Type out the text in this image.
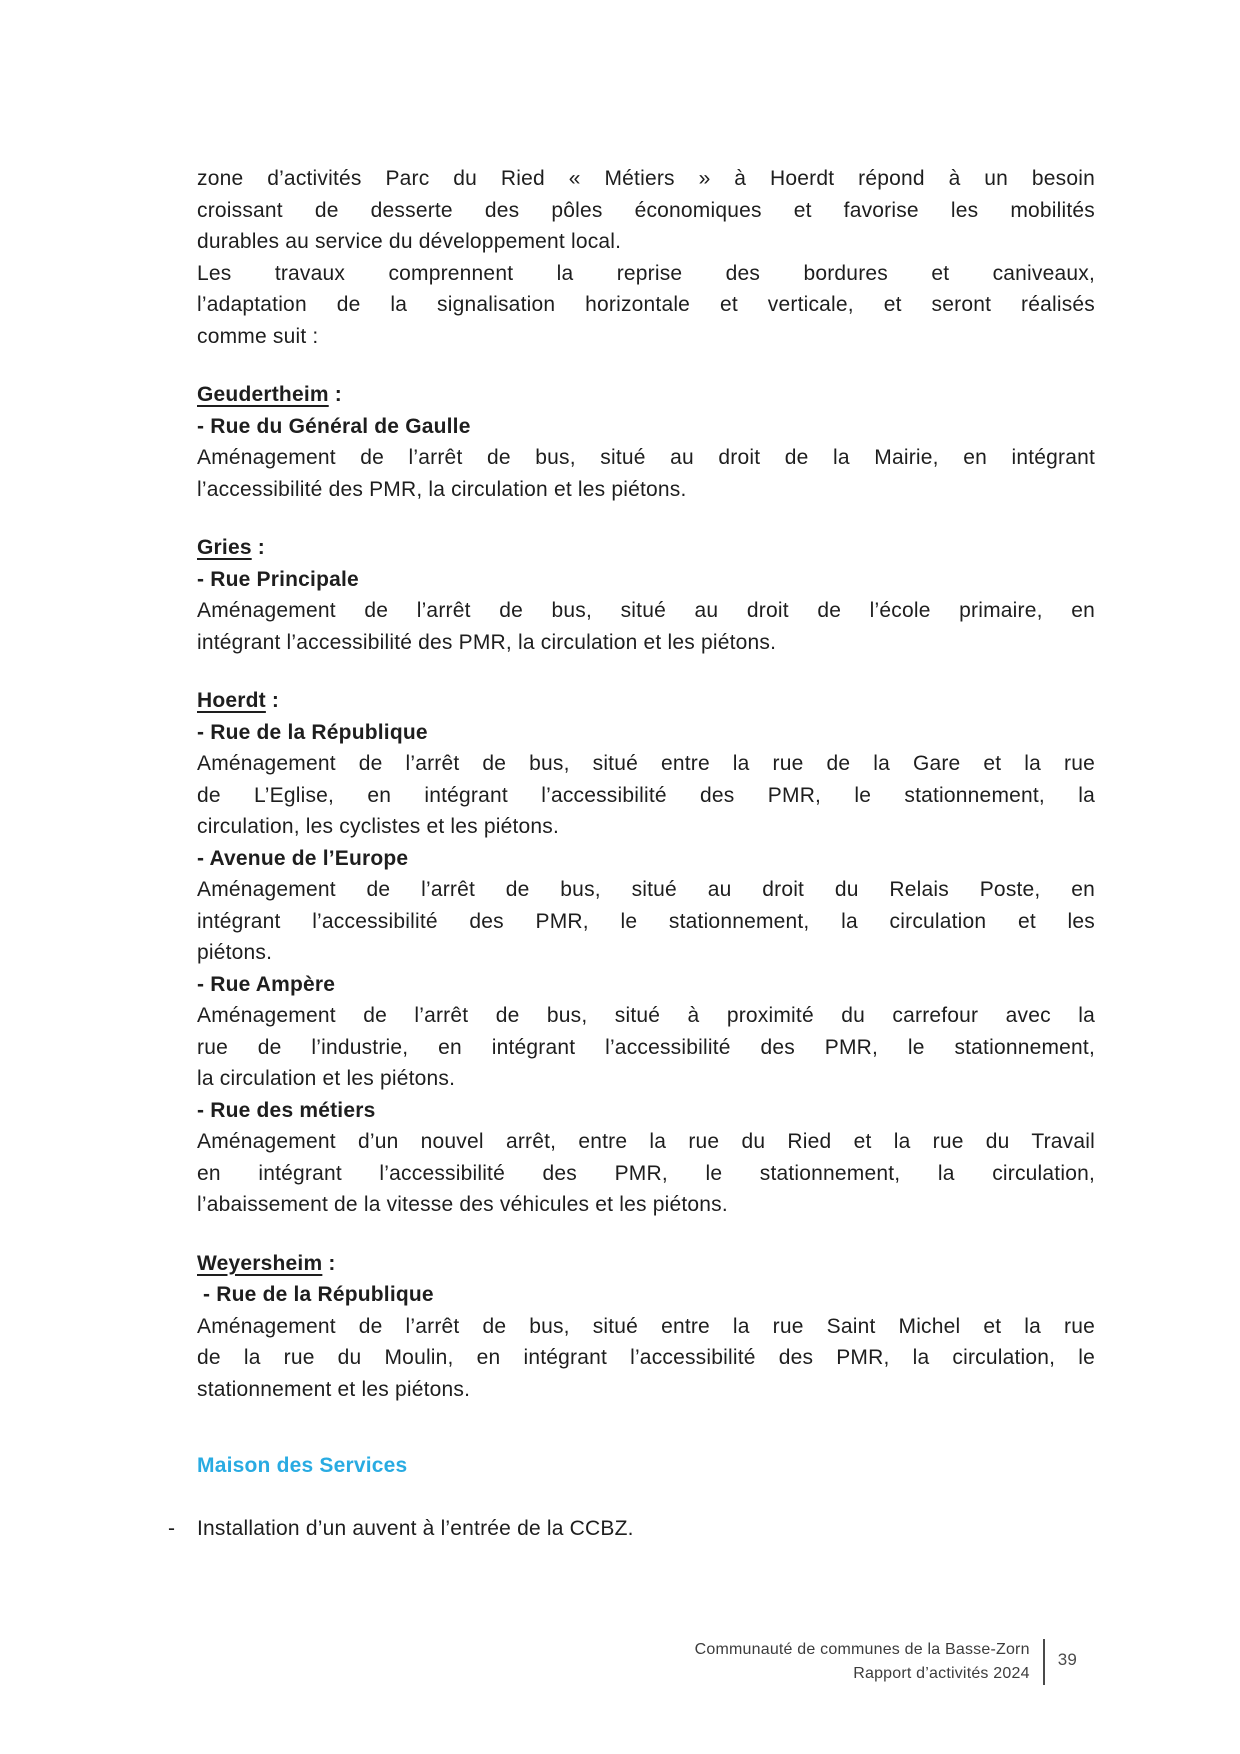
zone d’activités Parc du Ried « Métiers » à Hoerdt répond à un besoin
croissant de desserte des pôles économiques et favorise les mobilités
durables au service du développement local.
Les travaux comprennent la reprise des bordures et caniveaux,
l’adaptation de la signalisation horizontale et verticale, et seront réalisés
comme suit :
Geudertheim :
- Rue du Général de Gaulle
Aménagement de l’arrêt de bus, situé au droit de la Mairie, en intégrant
l’accessibilité des PMR, la circulation et les piétons.
Gries :
- Rue Principale
Aménagement de l’arrêt de bus, situé au droit de l’école primaire, en
intégrant l’accessibilité des PMR, la circulation et les piétons.
Hoerdt :
- Rue de la République
Aménagement de l’arrêt de bus, situé entre la rue de la Gare et la rue
de L’Eglise, en intégrant l’accessibilité des PMR, le stationnement, la
circulation, les cyclistes et les piétons.
- Avenue de l’Europe
Aménagement de l’arrêt de bus, situé au droit du Relais Poste, en
intégrant l’accessibilité des PMR, le stationnement, la circulation et les
piétons.
- Rue Ampère
Aménagement de l’arrêt de bus, situé à proximité du carrefour avec la
rue de l’industrie, en intégrant l’accessibilité des PMR, le stationnement,
la circulation et les piétons.
- Rue des métiers
Aménagement d’un nouvel arrêt, entre la rue du Ried et la rue du Travail
en intégrant l’accessibilité des PMR, le stationnement, la circulation,
l’abaissement de la vitesse des véhicules et les piétons.
Weyersheim :
- Rue de la République
Aménagement de l’arrêt de bus, situé entre la rue Saint Michel et la rue
de la rue du Moulin, en intégrant l’accessibilité des PMR, la circulation, le
stationnement et les piétons.
Maison des Services
- Installation d’un auvent à l’entrée de la CCBZ.
Communauté de communes de la Basse-Zorn
Rapport d’activités 2024
39
